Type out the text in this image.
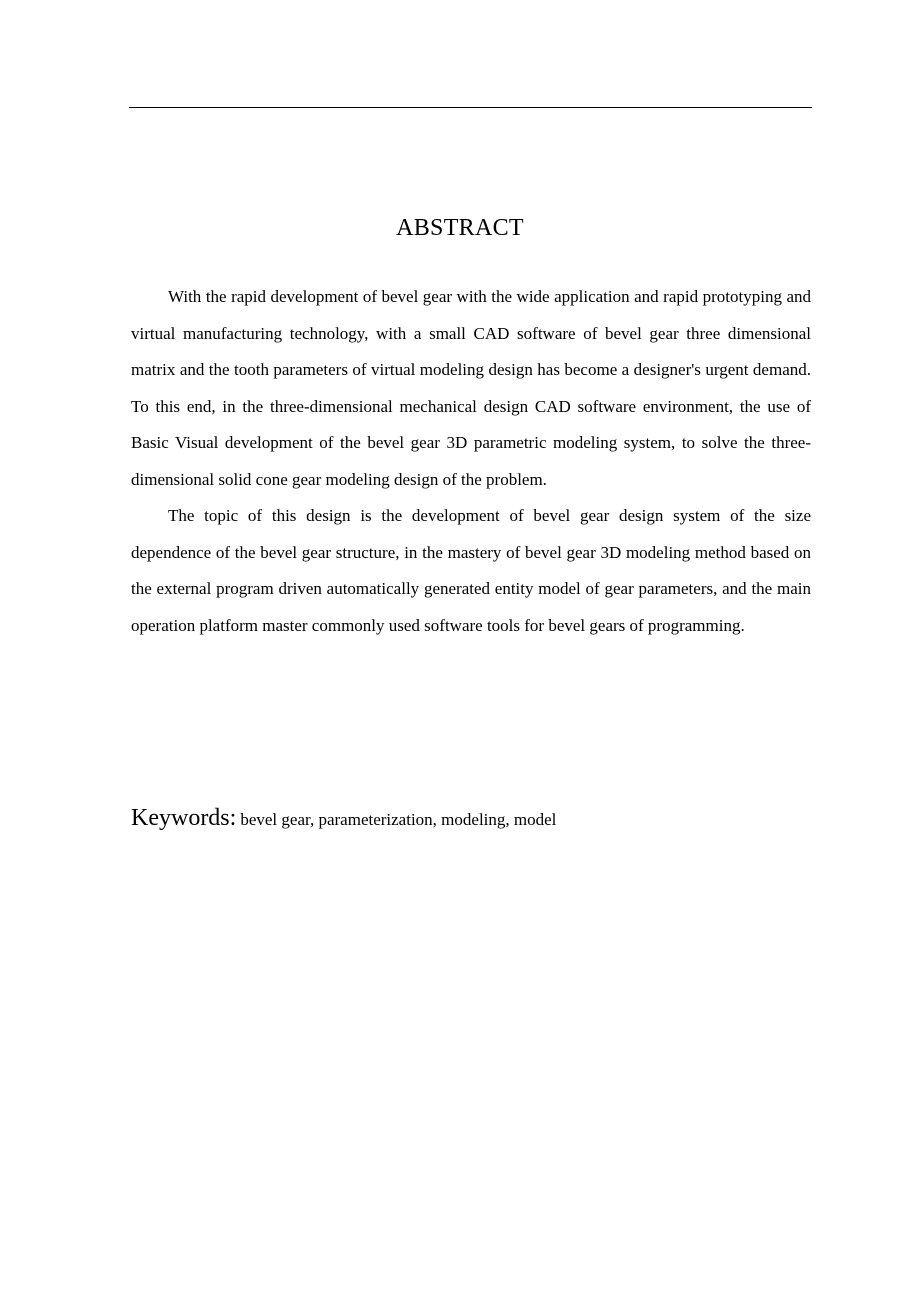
ABSTRACT

With the rapid development of bevel gear with the wide application and rapid prototyping and virtual manufacturing technology, with a small CAD software of bevel gear three dimensional matrix and the tooth parameters of virtual modeling design has become a designer's urgent demand. To this end, in the three-dimensional mechanical design CAD software environment, the use of Basic Visual development of the bevel gear 3D parametric modeling system, to solve the three-dimensional solid cone gear modeling design of the problem.

The topic of this design is the development of bevel gear design system of the size dependence of the bevel gear structure, in the mastery of bevel gear 3D modeling method based on the external program driven automatically generated entity model of gear parameters, and the main operation platform master commonly used software tools for bevel gears of programming.

Keywords: bevel gear, parameterization, modeling, model
